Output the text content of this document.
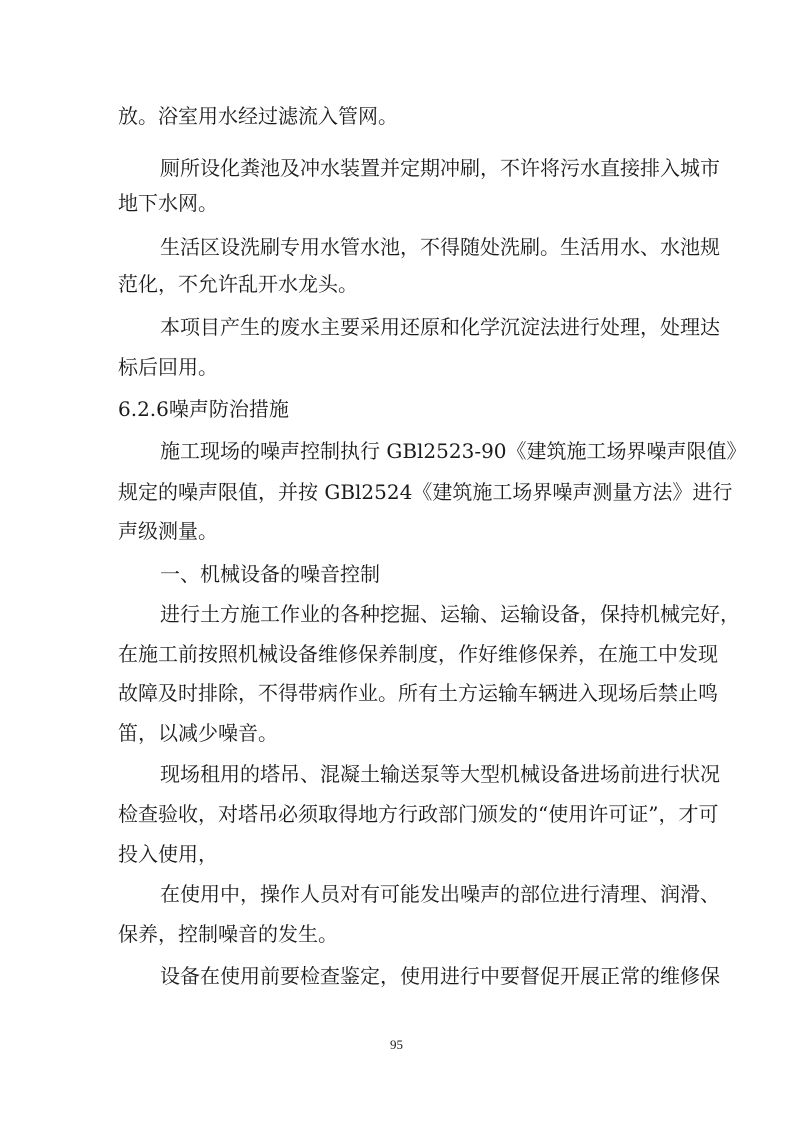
放。浴室用水经过滤流入管网。
厕所设化粪池及冲水装置并定期冲刷，不许将污水直接排入城市
地下水网。
生活区设洗刷专用水管水池，不得随处洗刷。生活用水、水池规
范化，不允许乱开水龙头。
本项目产生的废水主要采用还原和化学沉淀法进行处理，处理达
标后回用。
6.2.6噪声防治措施
施工现场的噪声控制执行 GBl2523-90《建筑施工场界噪声限值》
规定的噪声限值，并按 GBl2524《建筑施工场界噪声测量方法》进行
声级测量。
一、机械设备的噪音控制
进行土方施工作业的各种挖掘、运输、运输设备，保持机械完好，
在施工前按照机械设备维修保养制度，作好维修保养，在施工中发现
故障及时排除，不得带病作业。所有土方运输车辆进入现场后禁止鸣
笛，以减少噪音。
现场租用的塔吊、混凝土输送泵等大型机械设备进场前进行状况
检查验收，对塔吊必须取得地方行政部门颁发的“使用许可证”，才可
投入使用，
在使用中，操作人员对有可能发出噪声的部位进行清理、润滑、
保养，控制噪音的发生。
设备在使用前要检查鉴定，使用进行中要督促开展正常的维修保
95
